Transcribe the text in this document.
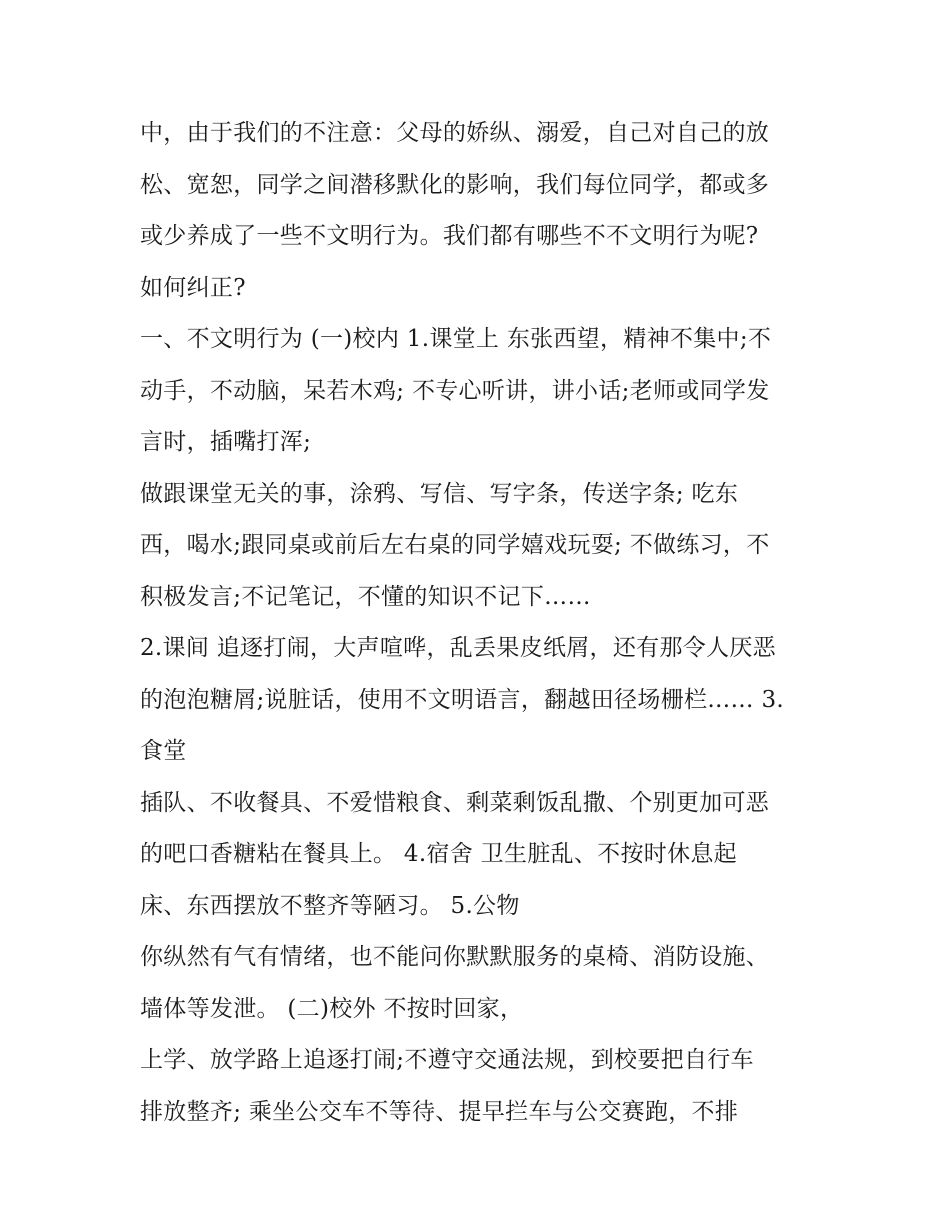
中，由于我们的不注意：父母的娇纵、溺爱，自己对自己的放
松、宽恕，同学之间潜移默化的影响，我们每位同学，都或多
或少养成了一些不文明行为。我们都有哪些不不文明行为呢?
如何纠正?
一、不文明行为 (一)校内 1.课堂上 东张西望，精神不集中;不
动手，不动脑，呆若木鸡; 不专心听讲，讲小话;老师或同学发
言时，插嘴打浑;
做跟课堂无关的事，涂鸦、写信、写字条，传送字条; 吃东
西，喝水;跟同桌或前后左右桌的同学嬉戏玩耍; 不做练习，不
积极发言;不记笔记，不懂的知识不记下……
2.课间 追逐打闹，大声喧哗，乱丢果皮纸屑，还有那令人厌恶
的泡泡糖屑;说脏话，使用不文明语言，翻越田径场栅栏…… 3.
食堂
插队、不收餐具、不爱惜粮食、剩菜剩饭乱撒、个别更加可恶
的吧口香糖粘在餐具上。 4.宿舍 卫生脏乱、不按时休息起
床、东西摆放不整齐等陋习。 5.公物
你纵然有气有情绪，也不能问你默默服务的桌椅、消防设施、
墙体等发泄。 (二)校外 不按时回家，
上学、放学路上追逐打闹;不遵守交通法规，到校要把自行车
排放整齐; 乘坐公交车不等待、提早拦车与公交赛跑，不排
